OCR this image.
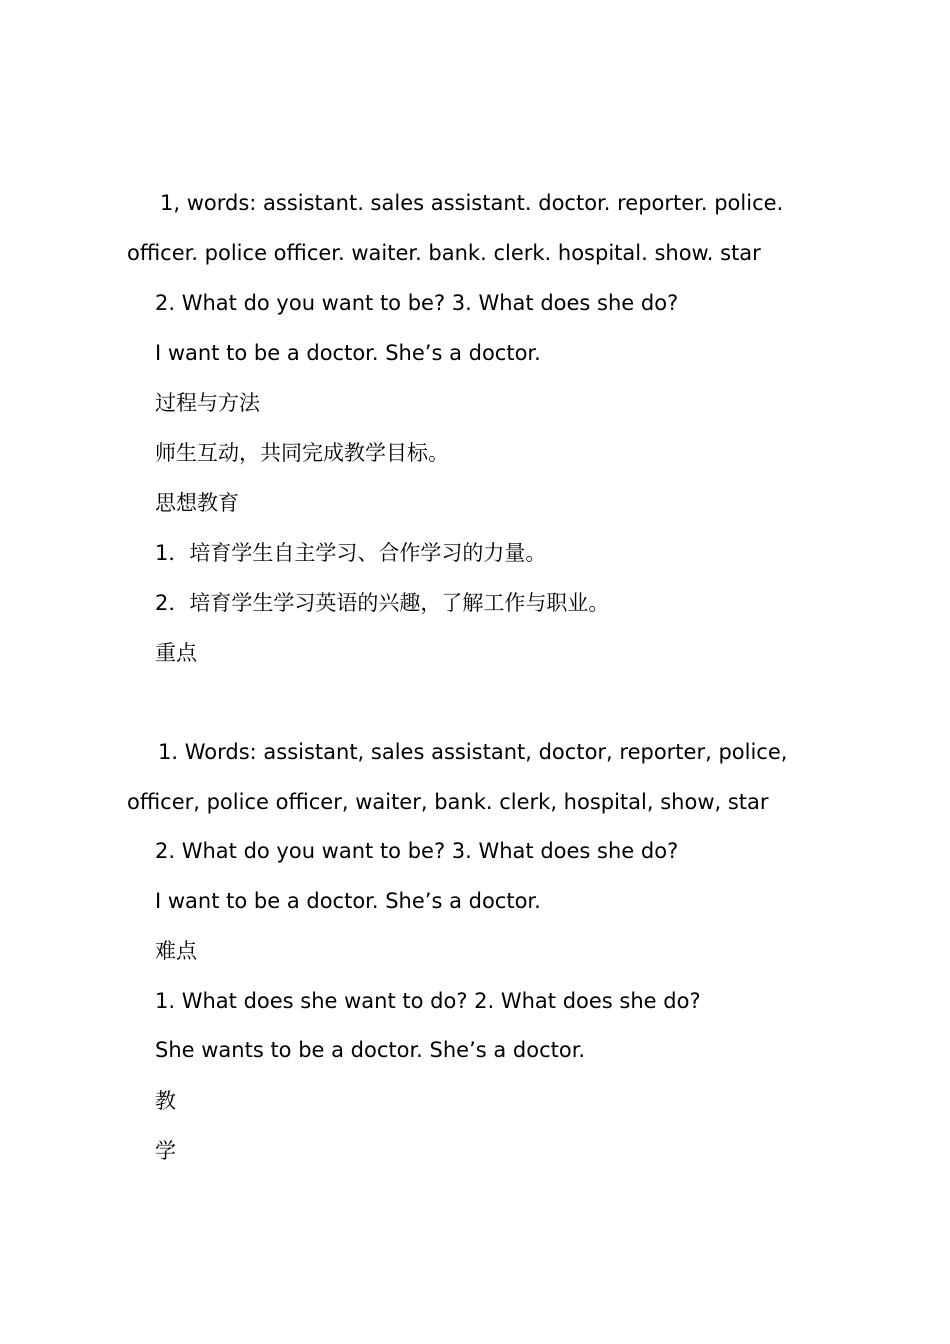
1, words: assistant. sales assistant. doctor. reporter. police.
officer. police officer. waiter. bank. clerk. hospital. show. star
2. What do you want to be? 3. What does she do?
I want to be a doctor. She’s a doctor.
过程与方法
师生互动，共同完成教学目标。
思想教育
1．培育学生自主学习、合作学习的力量。
2．培育学生学习英语的兴趣，了解工作与职业。
重点
1. Words: assistant, sales assistant, doctor, reporter, police,
officer, police officer, waiter, bank. clerk, hospital, show, star
2. What do you want to be? 3. What does she do?
I want to be a doctor. She’s a doctor.
难点
1. What does she want to do? 2. What does she do?
She wants to be a doctor. She’s a doctor.
教
学
